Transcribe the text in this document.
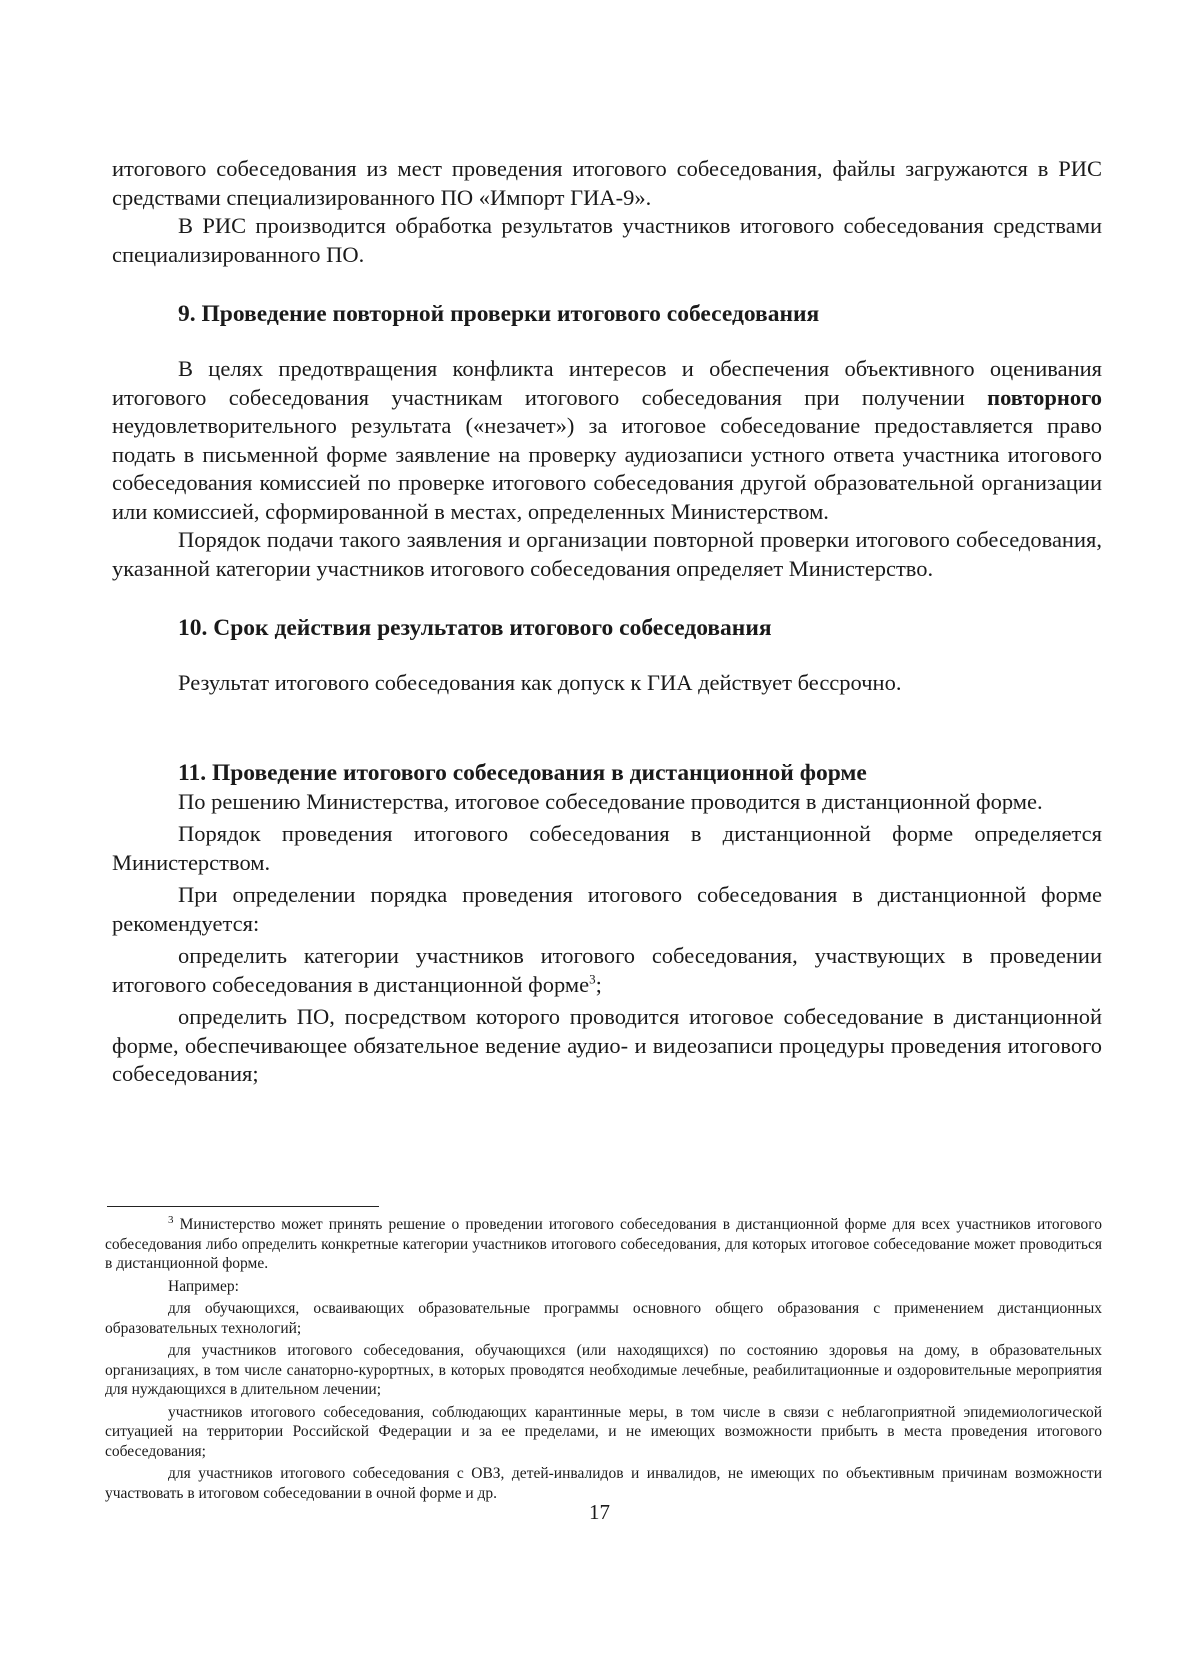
итогового собеседования из мест проведения итогового собеседования, файлы загружаются в РИС средствами специализированного ПО «Импорт ГИА-9».

В РИС производится обработка результатов участников итогового собеседования средствами специализированного ПО.

9. Проведение повторной проверки итогового собеседования

В целях предотвращения конфликта интересов и обеспечения объективного оценивания итогового собеседования участникам итогового собеседования при получении повторного неудовлетворительного результата («незачет») за итоговое собеседование предоставляется право подать в письменной форме заявление на проверку аудиозаписи устного ответа участника итогового собеседования комиссией по проверке итогового собеседования другой образовательной организации или комиссией, сформированной в местах, определенных Министерством.

Порядок подачи такого заявления и организации повторной проверки итогового собеседования, указанной категории участников итогового собеседования определяет Министерство.

10. Срок действия результатов итогового собеседования

Результат итогового собеседования как допуск к ГИА действует бессрочно.

11. Проведение итогового собеседования в дистанционной форме

По решению Министерства, итоговое собеседование проводится в дистанционной форме.

Порядок проведения итогового собеседования в дистанционной форме определяется Министерством.

При определении порядка проведения итогового собеседования в дистанционной форме рекомендуется:

определить категории участников итогового собеседования, участвующих в проведении итогового собеседования в дистанционной форме$^3$;

определить ПО, посредством которого проводится итоговое собеседование в дистанционной форме, обеспечивающее обязательное ведение аудио- и видеозаписи процедуры проведения итогового собеседования;

$^3$ Министерство может принять решение о проведении итогового собеседования в дистанционной форме для всех участников итогового собеседования либо определить конкретные категории участников итогового собеседования, для которых итоговое собеседование может проводиться в дистанционной форме.

Например:

для обучающихся, осваивающих образовательные программы основного общего образования с применением дистанционных образовательных технологий;

для участников итогового собеседования, обучающихся (или находящихся) по состоянию здоровья на дому, в образовательных организациях, в том числе санаторно-курортных, в которых проводятся необходимые лечебные, реабилитационные и оздоровительные мероприятия для нуждающихся в длительном лечении;

участников итогового собеседования, соблюдающих карантинные меры, в том числе в связи с неблагоприятной эпидемиологической ситуацией на территории Российской Федерации и за ее пределами, и не имеющих возможности прибыть в места проведения итогового собеседования;

для участников итогового собеседования с ОВЗ, детей-инвалидов и инвалидов, не имеющих по объективным причинам возможности участвовать в итоговом собеседовании в очной форме и др.

17
